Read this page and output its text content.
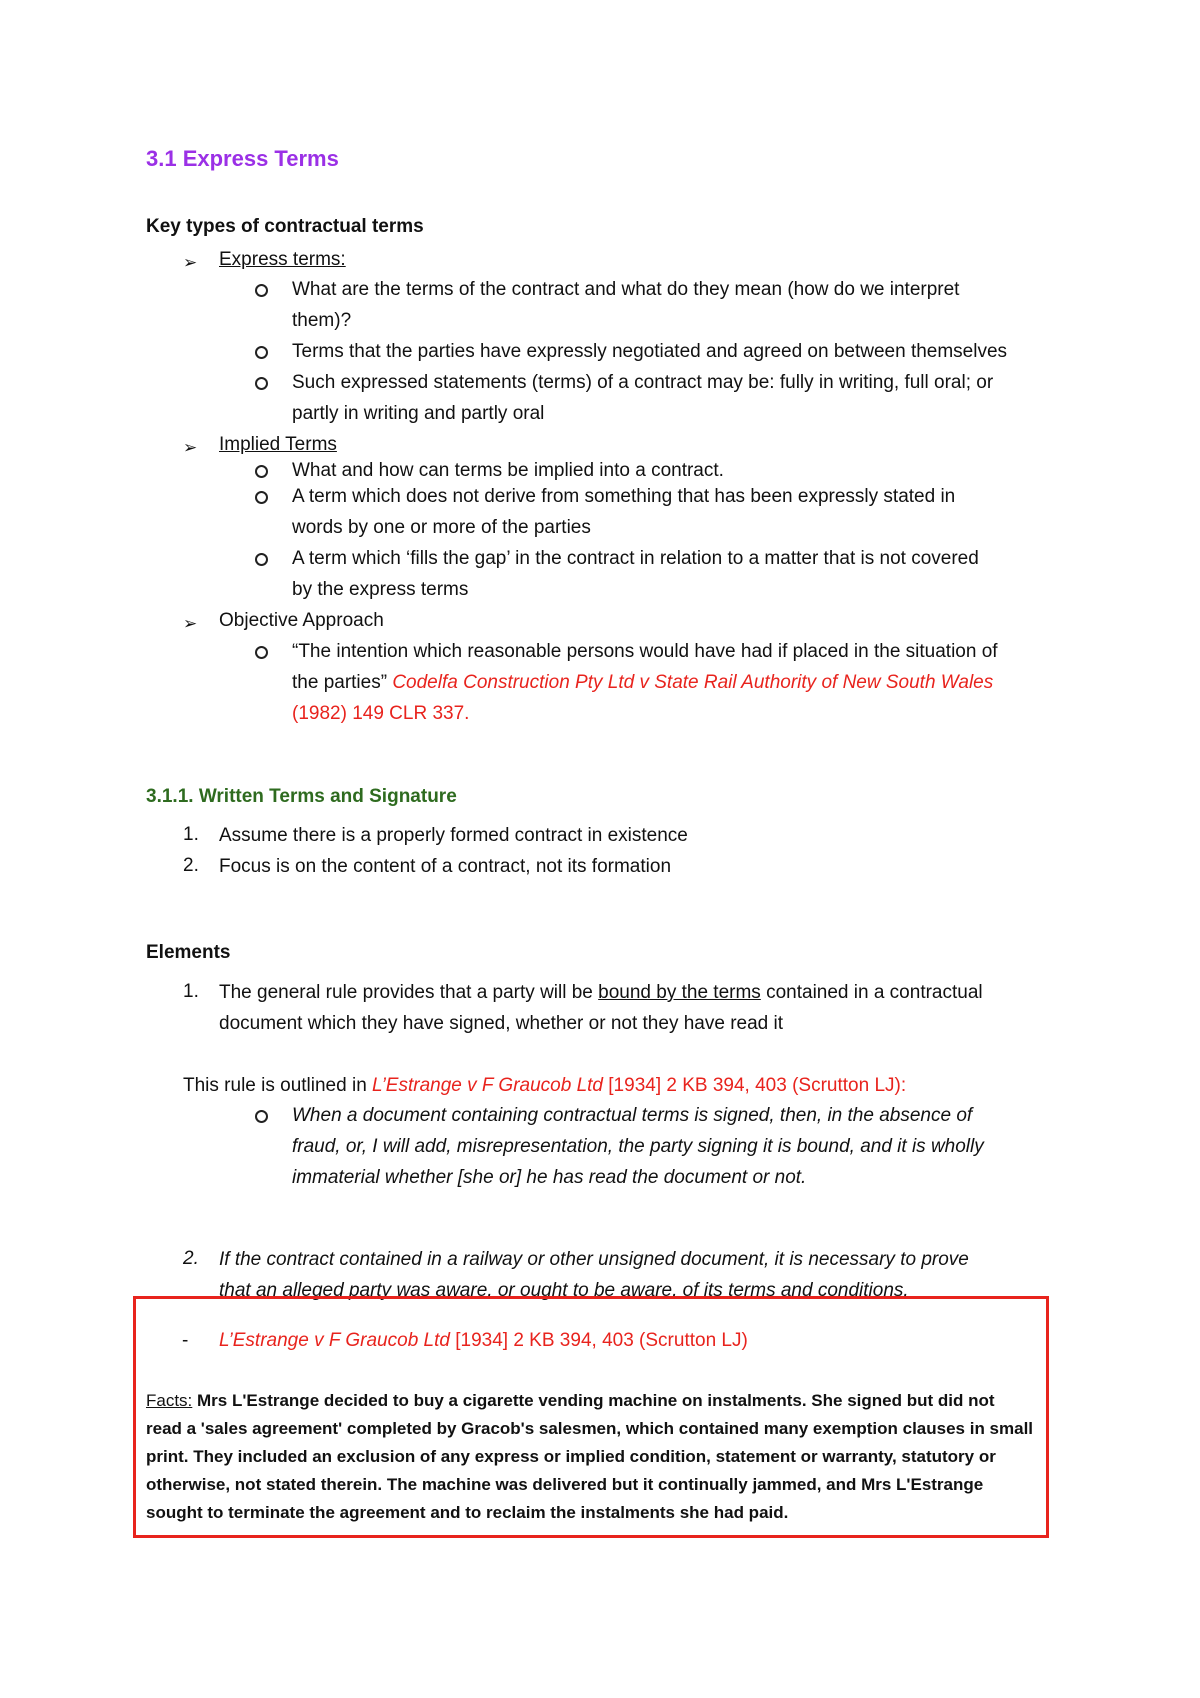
3.1 Express Terms
Key types of contractual terms
➢ Express terms:
What are the terms of the contract and what do they mean (how do we interpret
them)?
Terms that the parties have expressly negotiated and agreed on between themselves
Such expressed statements (terms) of a contract may be: fully in writing, full oral; or
partly in writing and partly oral
➢ Implied Terms
What and how can terms be implied into a contract.
A term which does not derive from something that has been expressly stated in
words by one or more of the parties
A term which ‘fills the gap’ in the contract in relation to a matter that is not covered
by the express terms
➢ Objective Approach
“The intention which reasonable persons would have had if placed in the situation of
the parties” Codelfa Construction Pty Ltd v State Rail Authority of New South Wales
(1982) 149 CLR 337.
3.1.1. Written Terms and Signature
1. Assume there is a properly formed contract in existence
2. Focus is on the content of a contract, not its formation
Elements
1. The general rule provides that a party will be bound by the terms contained in a contractual
document which they have signed, whether or not they have read it
This rule is outlined in L’Estrange v F Graucob Ltd [1934] 2 KB 394, 403 (Scrutton LJ):
When a document containing contractual terms is signed, then, in the absence of
fraud, or, I will add, misrepresentation, the party signing it is bound, and it is wholly
immaterial whether [she or] he has read the document or not.
2. If the contract contained in a railway or other unsigned document, it is necessary to prove
that an alleged party was aware, or ought to be aware, of its terms and conditions.
- L’Estrange v F Graucob Ltd [1934] 2 KB 394, 403 (Scrutton LJ)
Facts: Mrs L'Estrange decided to buy a cigarette vending machine on instalments. She signed but did not
read a 'sales agreement' completed by Gracob's salesmen, which contained many exemption clauses in small
print. They included an exclusion of any express or implied condition, statement or warranty, statutory or
otherwise, not stated therein. The machine was delivered but it continually jammed, and Mrs L'Estrange
sought to terminate the agreement and to reclaim the instalments she had paid.
